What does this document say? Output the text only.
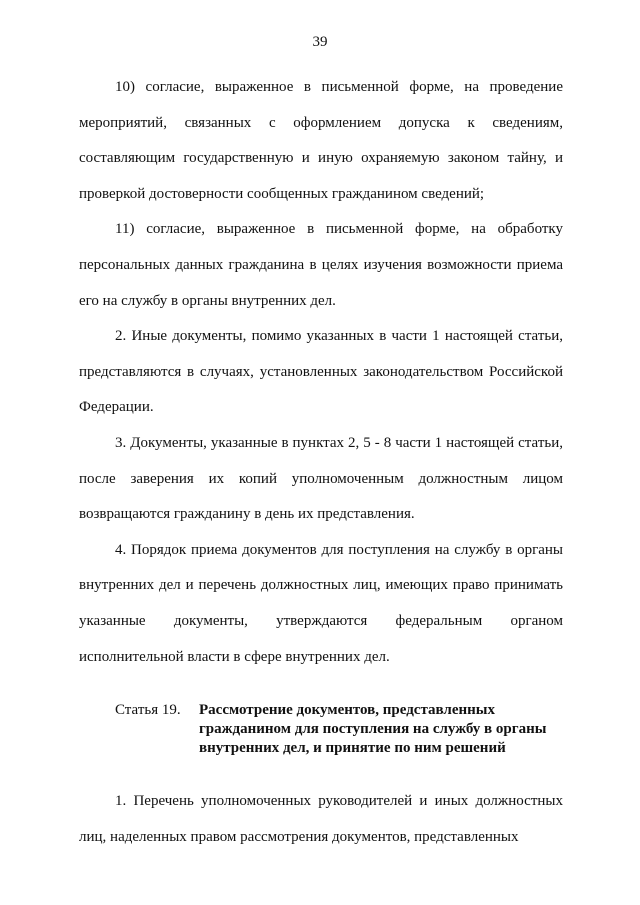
39

10) согласие, выраженное в письменной форме, на проведение мероприятий, связанных с оформлением допуска к сведениям, составляющим государственную и иную охраняемую законом тайну, и проверкой достоверности сообщенных гражданином сведений;

11) согласие, выраженное в письменной форме, на обработку персональных данных гражданина в целях изучения возможности приема его на службу в органы внутренних дел.

2. Иные документы, помимо указанных в части 1 настоящей статьи, представляются в случаях, установленных законодательством Российской Федерации.

3. Документы, указанные в пунктах 2, 5 - 8 части 1 настоящей статьи, после заверения их копий уполномоченным должностным лицом возвращаются гражданину в день их представления.

4. Порядок приема документов для поступления на службу в органы внутренних дел и перечень должностных лиц, имеющих право принимать указанные документы, утверждаются федеральным органом исполнительной власти в сфере внутренних дел.

Статья 19.	Рассмотрение документов, представленных гражданином для поступления на службу в органы внутренних дел, и принятие по ним решений

1. Перечень уполномоченных руководителей и иных должностных лиц, наделенных правом рассмотрения документов, представленных
